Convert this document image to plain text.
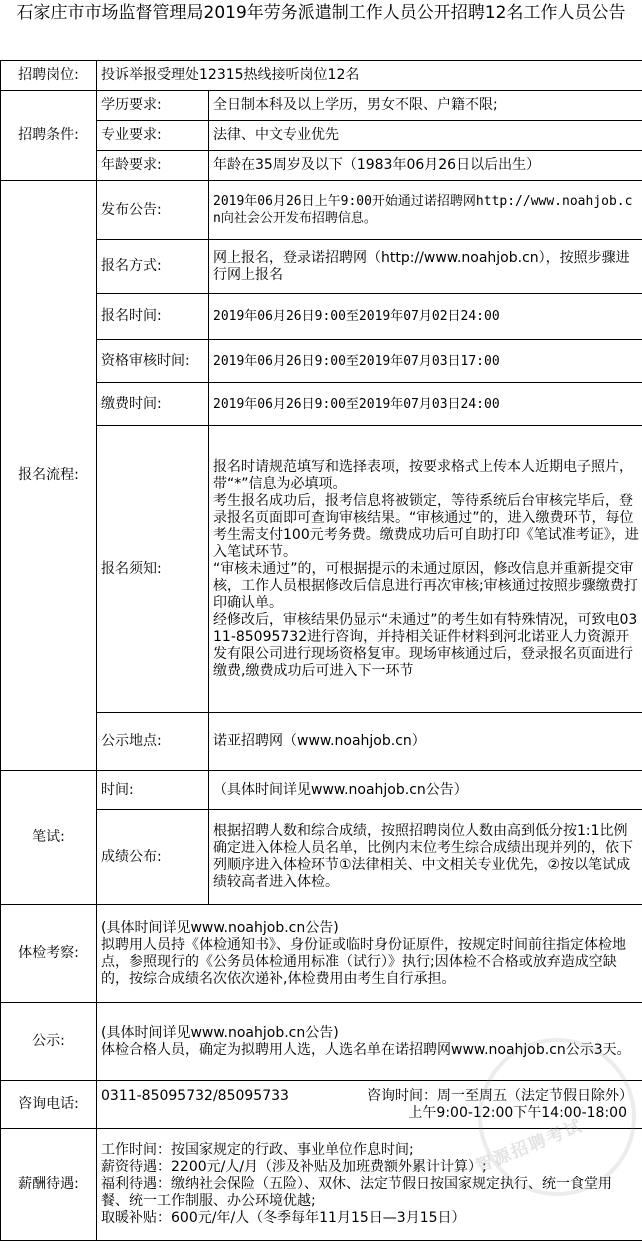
石家庄市市场监督管理局2019年劳务派遣制工作人员公开招聘12名工作人员公告
招聘岗位:	投诉举报受理处12315热线接听岗位12名	
招聘条件:	学历要求:	全日制本科及以上学历，男女不限、户籍不限;
	专业要求:	法律、中文专业优先
	年龄要求:	年龄在35周岁及以下（1983年06月26日以后出生）
报名流程:	发布公告:	2019年06月26日上午9:00开始通过诺招聘网http://www.noahjob.cn向社会公开发布招聘信息。
	报名方式:	网上报名，登录诺招聘网（http://www.noahjob.cn），按照步骤进行网上报名
	报名时间:	2019年06月26日9:00至2019年07月02日24:00
	资格审核时间:	2019年06月26日9:00至2019年07月03日17:00
	缴费时间:	2019年06月26日9:00至2019年07月03日24:00
	报名须知:	报名时请规范填写和选择表项，按要求格式上传本人近期电子照片，带“*”信息为必填项。
考生报名成功后，报考信息将被锁定，等待系统后台审核完毕后，登录报名页面即可查询审核结果。“审核通过”的，进入缴费环节，每位考生需支付100元考务费。缴费成功后可自助打印《笔试准考证》，进入笔试环节。
“审核未通过”的，可根据提示的未通过原因，修改信息并重新提交审核，工作人员根据修改后信息进行再次审核;审核通过按照步骤缴费打印确认单。
经修改后，审核结果仍显示“未通过”的考生如有特殊情况，可致电0311-85095732进行咨询，并持相关证件材料到河北诺亚人力资源开发有限公司进行现场资格复审。现场审核通过后，登录报名页面进行缴费,缴费成功后可进入下一环节

	公示地点:	诺亚招聘网（www.noahjob.cn）
笔试:	时间:	（具体时间详见www.noahjob.cn公告）
	成绩公布:	根据招聘人数和综合成绩，按照招聘岗位人数由高到低分按1:1比例确定进入体检人员名单，比例内末位考生综合成绩出现并列的，依下列顺序进入体检环节①法律相关、中文相关专业优先，②按以笔试成绩较高者进入体检。
体检考察:	(具体时间详见www.noahjob.cn公告)
拟聘用人员持《体检通知书》、身份证或临时身份证原件，按规定时间前往指定体检地点，参照现行的《公务员体检通用标准（试行）》执行;因体检不合格或放弃造成空缺的，按综合成绩名次依次递补,体检费用由考生自行承担。	

公示:	(具体时间详见www.noahjob.cn公告)
体检合格人员，确定为拟聘用人选，人选名单在诺招聘网www.noahjob.cn公示3天。	

咨询电话:	0311-85095732/85095733 咨询时间：周一至周五（法定节假日除外）
上午9:00-12:00下午14:00-18:00	

薪酬待遇:	工作时间：按国家规定的行政、事业单位作息时间;
薪资待遇：2200元/人/月（涉及补贴及加班费额外累计计算）;
福利待遇：缴纳社会保险（五险）、双休、法定节假日按国家规定执行、统一食堂用餐、统一工作制服、办公环境优越;
取暖补贴：600元/年/人（冬季每年11月15日—3月15日）	
智源招聘考试
